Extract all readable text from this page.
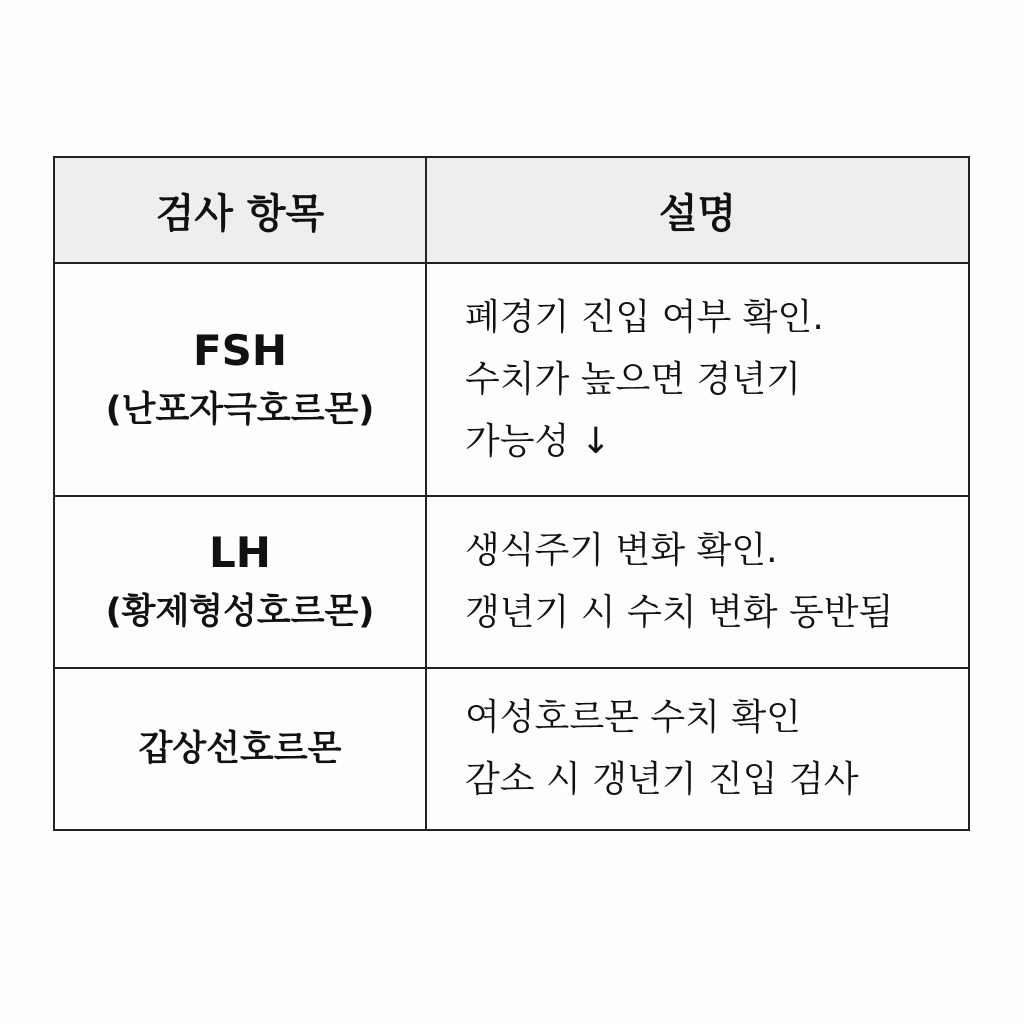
검사 항목	설명
FSH
(난포자극호르몬)
폐경기 진입 여부 확인.
수치가 높으면 경년기
가능성 ↓
LH
(황제형성호르몬)
생식주기 변화 확인.
갱년기 시 수치 변화 동반됨
갑상선호르몬
여성호르몬 수치 확인
감소 시 갱년기 진입 검사
